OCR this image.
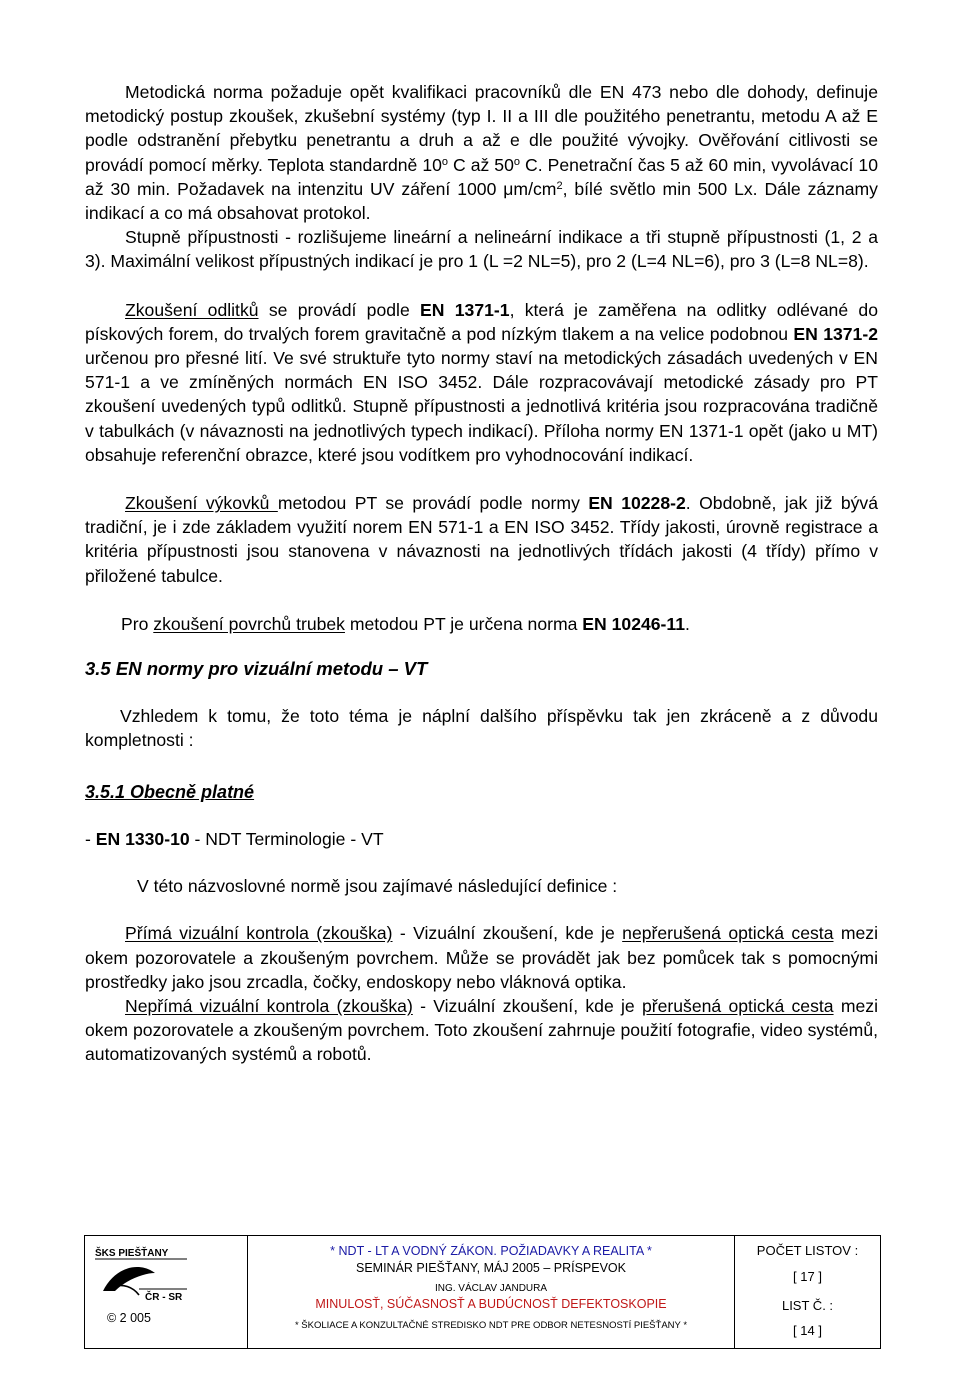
Metodická norma požaduje opět kvalifikaci pracovníků dle EN 473 nebo dle dohody, definuje metodický postup zkoušek, zkušební systémy (typ I. II a III dle použitého penetrantu, metodu A až E podle odstranění přebytku penetrantu a druh a až e dle použité vývojky. Ověřování citlivosti se provádí pomocí měrky. Teplota standardně 10$^o$ C až 50$^o$ C. Penetrační čas 5 až 60 min, vyvolávací 10 až 30 min. Požadavek na intenzitu UV záření 1000 $\mu m/cm^2$, bílé světlo min 500 Lx. Dále záznamy indikací a co má obsahovat protokol.

Stupně přípustnosti - rozlišujeme lineární a nelineární indikace a tři stupně přípustnosti (1, 2 a 3). Maximální velikost přípustných indikací je pro 1 (L =2 NL=5), pro 2 (L=4 NL=6), pro 3 (L=8 NL=8).

Zkoušení odlitků se provádí podle EN 1371-1, která je zaměřena na odlitky odlévané do pískových forem, do trvalých forem gravitačně a pod nízkým tlakem a na velice podobnou EN 1371-2 určenou pro přesné lití. Ve své struktuře tyto normy staví na metodických zásadách uvedených v EN 571-1 a ve zmíněných normách EN ISO 3452. Dále rozpracovávají metodické zásady pro PT zkoušení uvedených typů odlitků. Stupně přípustnosti a jednotlivá kritéria jsou rozpracována tradičně v tabulkách (v návaznosti na jednotlivých typech indikací). Příloha normy EN 1371-1 opět (jako u MT) obsahuje referenční obrazce, které jsou vodítkem pro vyhodnocování indikací.

Zkoušení výkovků metodou PT se provádí podle normy EN 10228-2. Obdobně, jak již bývá tradiční, je i zde základem využití norem EN 571-1 a EN ISO 3452. Třídy jakosti, úrovně registrace a kritéria přípustnosti jsou stanovena v návaznosti na jednotlivých třídách jakosti (4 třídy) přímo v přiložené tabulce.

Pro zkoušení povrchů trubek metodou PT je určena norma EN 10246-11.

3.5 EN normy pro vizuální metodu – VT

Vzhledem k tomu, že toto téma je náplní dalšího příspěvku tak jen zkráceně a z důvodu kompletnosti :

3.5.1 Obecně platné
- EN 1330-10 - NDT Terminologie - VT
V této názvoslovné normě jsou zajímavé následující definice :

Přímá vizuální kontrola (zkouška) - Vizuální zkoušení, kde je nepřerušená optická cesta mezi okem pozorovatele a zkoušeným povrchem. Může se provádět jak bez pomůcek tak s pomocnými prostředky jako jsou zrcadla, čočky, endoskopy nebo vláknová optika.

Nepřímá vizuální kontrola (zkouška) - Vizuální zkoušení, kde je přerušená optická cesta mezi okem pozorovatele a zkoušeným povrchem. Toto zkoušení zahrnuje použití fotografie, video systémů, automatizovaných systémů a robotů.

ŠKS PIEŠŤANY
ČR - SR
© 2 005
* NDT - LT A VODNÝ ZÁKON. POŽIADAVKY A REALITA *
SEMINÁR PIEŠŤANY, MÁJ 2005 – PRÍSPEVOK
ING. VÁCLAV JANDURA
MINULOSŤ, SÚČASNOSŤ A BUDÚCNOSŤ DEFEKTOSKOPIE
* ŠKOLIACE A KONZULTAČNÉ STREDISKO NDT PRE ODBOR NETESNOSTÍ PIEŠŤANY *
POČET LISTOV :
[ 17 ]
LIST Č. :
[ 14 ]
